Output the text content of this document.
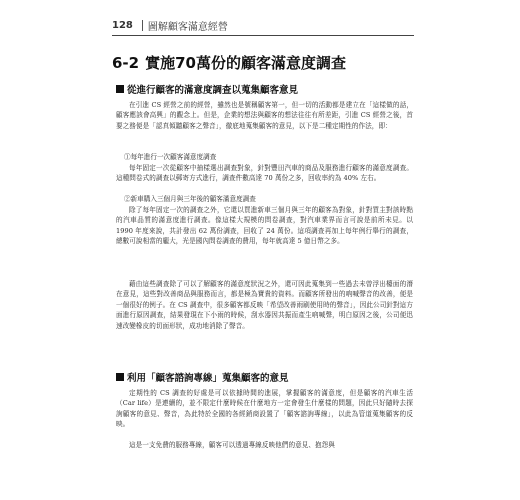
128 圖解顧客滿意經營
6-2 實施70萬份的顧客滿意度調查
從進行顧客的滿意度調查以蒐集顧客意見

在引進 CS 經營之前的經營，雖然也是號稱顧客第一，但一切的活動都是建立在「這樣做的話，顧客應該會高興」的觀念上。但是，企業的想法與顧客的想法往往有所差距，引進 CS 經營之後，首要之務便是「認真傾聽顧客之聲音」，徹底地蒐集顧客的意見，以下是二種定期性的作法，即：

①每年進行一次顧客滿意度調查

每年固定一次從顧客中抽樣選出調查對象，針對豐田汽車的商品及服務進行顧客的滿意度調查。這種問卷式的調查以郵寄方式進行，調查件數高達 70 萬份之多，回收率約為 40% 左右。

②新車購入三個月與三年後的顧客滿意度調查

除了每年固定一次的調查之外，它還以買進新車三個月與三年的顧客為對象，針對買主對該時點的汽車品質的滿意度進行調查。像這樣大規模的問卷調查，對汽車業界而言可說是前所未見。以 1990 年度來說，共計發出 62 萬份調查，回收了 24 萬份。這項調查再加上每年例行舉行的調查，總數可說相當的龐大，光是國內問卷調查的費用，每年就高達 5 億日幣之多。

藉由這些調查除了可以了解顧客的滿意度狀況之外，還可因此蒐集到一些過去未曾浮出檯面的潛在意見，這些對改善商品與服務而言，都是極為寶貴的資料。而顧客所發出的吶喊聲音的改善，便是一個很好的例子。在 CS 調查中，很多顧客都反映「希望改善雨刷使用時的聲音」，因此公司針對這方面進行原因調查，結果發現在下小雨的時候，刮水器因共振而產生吶喊聲，明白原因之後，公司便迅速改變橡皮的切面形狀，成功地消除了聲音。

利用「顧客諮詢專線」蒐集顧客的意見

定期性的 CS 調查的好處是可以依據時間的進展，掌握顧客的滿意度，但是顧客的汽車生活（Car life）是連續的，並不限定什麼時候在什麼地方一定會發生什麼樣的問題，因此只好隨時去探詢顧客的意見、聲音，為此特於全國的各經銷商設置了「顧客諮詢專線」，以此為管道蒐集顧客的反映。

這是一支免費的服務專線，顧客可以透過專線反映他們的意見、抱怨與
